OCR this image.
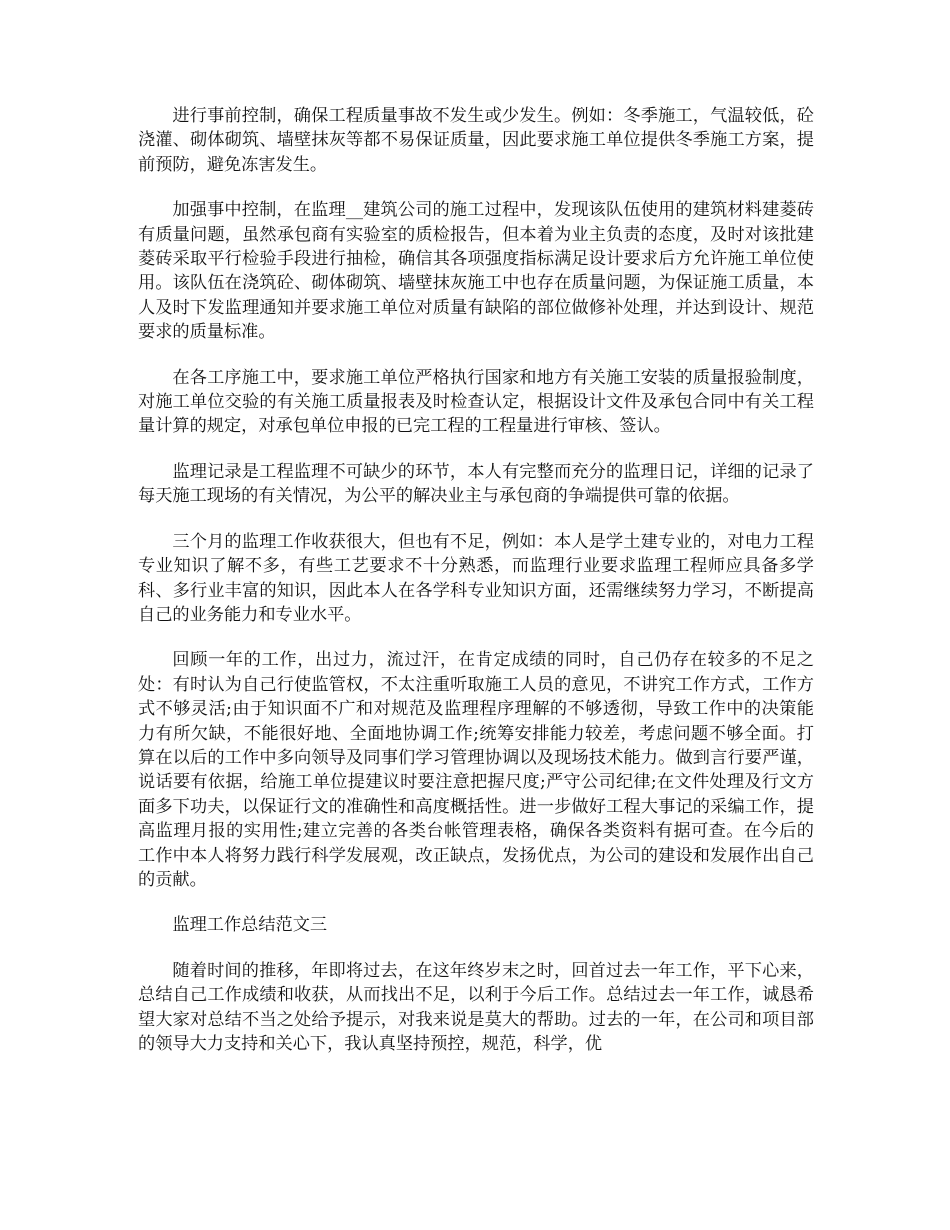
进行事前控制，确保工程质量事故不发生或少发生。例如：冬季施工，气温较低，砼浇灌、砌体砌筑、墙壁抹灰等都不易保证质量，因此要求施工单位提供冬季施工方案，提前预防，避免冻害发生。

加强事中控制，在监理__建筑公司的施工过程中，发现该队伍使用的建筑材料建菱砖有质量问题，虽然承包商有实验室的质检报告，但本着为业主负责的态度，及时对该批建菱砖采取平行检验手段进行抽检，确信其各项强度指标满足设计要求后方允许施工单位使用。该队伍在浇筑砼、砌体砌筑、墙壁抹灰施工中也存在质量问题，为保证施工质量，本人及时下发监理通知并要求施工单位对质量有缺陷的部位做修补处理，并达到设计、规范要求的质量标准。

在各工序施工中，要求施工单位严格执行国家和地方有关施工安装的质量报验制度，对施工单位交验的有关施工质量报表及时检查认定，根据设计文件及承包合同中有关工程量计算的规定，对承包单位申报的已完工程的工程量进行审核、签认。

监理记录是工程监理不可缺少的环节，本人有完整而充分的监理日记，详细的记录了每天施工现场的有关情况，为公平的解决业主与承包商的争端提供可靠的依据。

三个月的监理工作收获很大，但也有不足，例如：本人是学土建专业的，对电力工程专业知识了解不多，有些工艺要求不十分熟悉，而监理行业要求监理工程师应具备多学科、多行业丰富的知识，因此本人在各学科专业知识方面，还需继续努力学习，不断提高自己的业务能力和专业水平。

回顾一年的工作，出过力，流过汗，在肯定成绩的同时，自己仍存在较多的不足之处：有时认为自己行使监管权，不太注重听取施工人员的意见，不讲究工作方式，工作方式不够灵活;由于知识面不广和对规范及监理程序理解的不够透彻，导致工作中的决策能力有所欠缺，不能很好地、全面地协调工作;统筹安排能力较差，考虑问题不够全面。打算在以后的工作中多向领导及同事们学习管理协调以及现场技术能力。做到言行要严谨，说话要有依据，给施工单位提建议时要注意把握尺度;严守公司纪律;在文件处理及行文方面多下功夫，以保证行文的准确性和高度概括性。进一步做好工程大事记的采编工作，提高监理月报的实用性;建立完善的各类台帐管理表格，确保各类资料有据可查。在今后的工作中本人将努力践行科学发展观，改正缺点，发扬优点，为公司的建设和发展作出自己的贡献。

监理工作总结范文三

随着时间的推移，年即将过去，在这年终岁末之时，回首过去一年工作，平下心来，总结自己工作成绩和收获，从而找出不足，以利于今后工作。总结过去一年工作，诚恳希望大家对总结不当之处给予提示，对我来说是莫大的帮助。过去的一年，在公司和项目部的领导大力支持和关心下，我认真坚持预控，规范，科学，优
